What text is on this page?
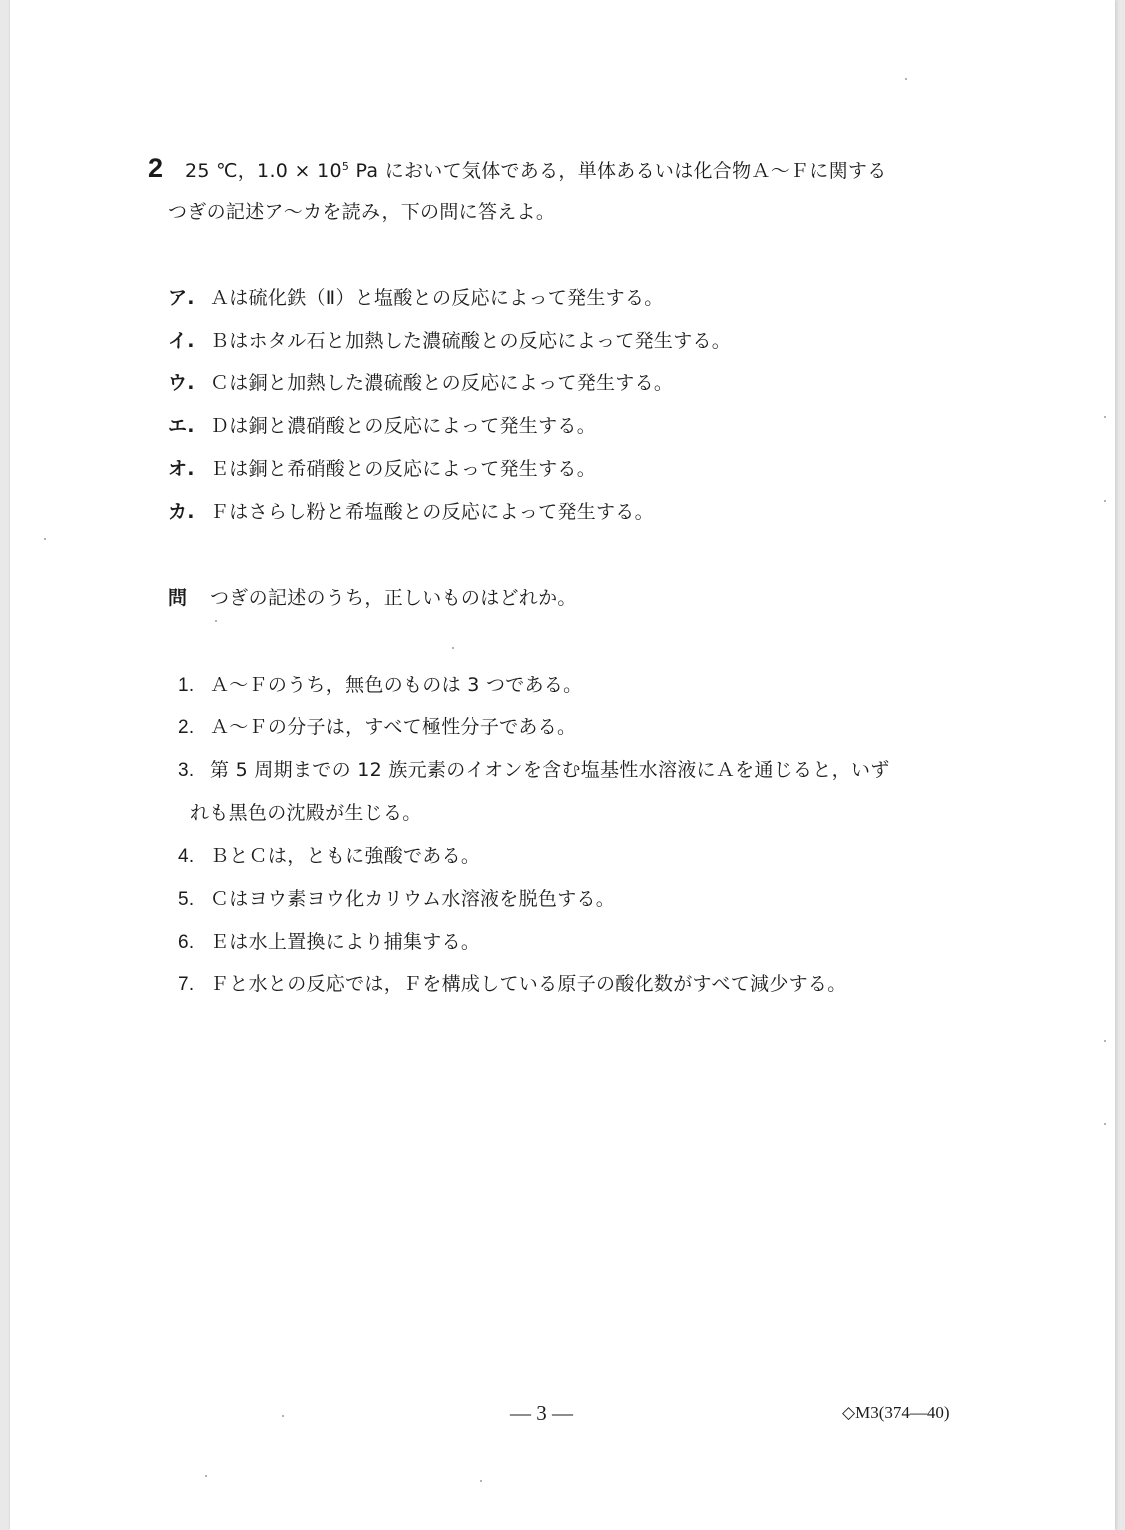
2 25 ℃，$1.0 \times 10^5$ Pa において気体である，単体あるいは化合物Ａ～Ｆに関する
つぎの記述ア～カを読み，下の問に答えよ。
ア. Ａは硫化鉄（Ⅱ）と塩酸との反応によって発生する。
イ. Ｂはホタル石と加熱した濃硫酸との反応によって発生する。
ウ. Ｃは銅と加熱した濃硫酸との反応によって発生する。
エ. Ｄは銅と濃硝酸との反応によって発生する。
オ. Ｅは銅と希硝酸との反応によって発生する。
カ. Ｆはさらし粉と希塩酸との反応によって発生する。
問 つぎの記述のうち，正しいものはどれか。
1. Ａ～Ｆのうち，無色のものは 3 つである。
2. Ａ～Ｆの分子は，すべて極性分子である。
3. 第 5 周期までの 12 族元素のイオンを含む塩基性水溶液にＡを通じると，いず
れも黒色の沈殿が生じる。
4. ＢとＣは，ともに強酸である。
5. Ｃはヨウ素ヨウ化カリウム水溶液を脱色する。
6. Ｅは水上置換により捕集する。
7. Ｆと水との反応では，Ｆを構成している原子の酸化数がすべて減少する。
— 3 —	◇M3(374—40)
